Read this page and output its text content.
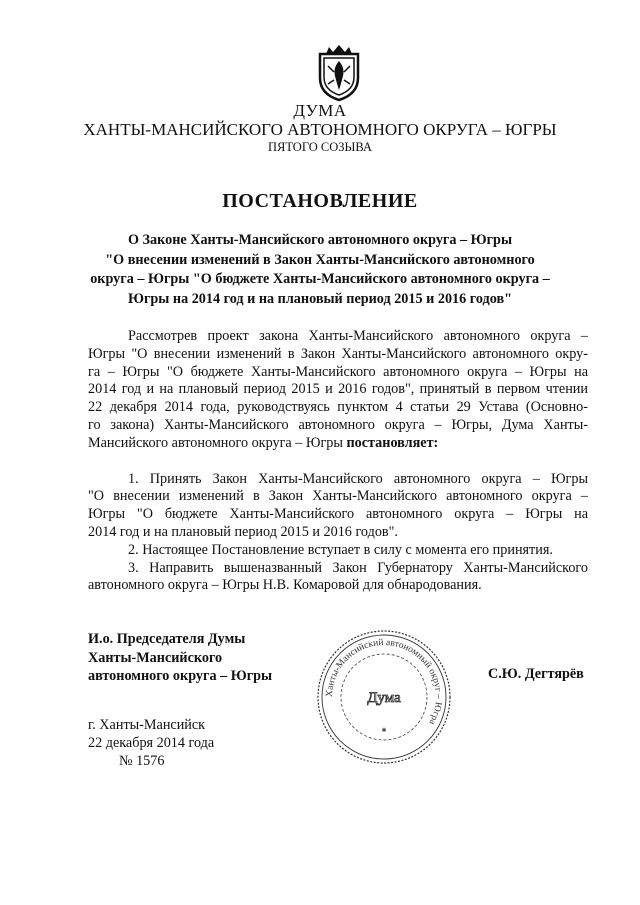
ДУМА
ХАНТЫ-МАНСИЙСКОГО АВТОНОМНОГО ОКРУГА – ЮГРЫ
ПЯТОГО СОЗЫВА
ПОСТАНОВЛЕНИЕ
О Законе Ханты-Мансийского автономного округа – Югры
"О внесении изменений в Закон Ханты-Мансийского автономного
округа – Югры "О бюджете Ханты-Мансийского автономного округа –
Югры на 2014 год и на плановый период 2015 и 2016 годов"
Рассмотрев проект закона Ханты-Мансийского автономного округа –
Югры "О внесении изменений в Закон Ханты-Мансийского автономного окру-
га – Югры "О бюджете Ханты-Мансийского автономного округа – Югры на
2014 год и на плановый период 2015 и 2016 годов", принятый в первом чтении
22 декабря 2014 года, руководствуясь пунктом 4 статьи 29 Устава (Основно-
го закона) Ханты-Мансийского автономного округа – Югры, Дума Ханты-
Мансийского автономного округа – Югры постановляет:
1. Принять Закон Ханты-Мансийского автономного округа – Югры
"О внесении изменений в Закон Ханты-Мансийского автономного округа –
Югры "О бюджете Ханты-Мансийского автономного округа – Югры на
2014 год и на плановый период 2015 и 2016 годов".
2. Настоящее Постановление вступает в силу с момента его принятия.
3. Направить вышеназванный Закон Губернатору Ханты-Мансийского
автономного округа – Югры Н.В. Комаровой для обнародования.
И.о. Председателя Думы
Ханты-Мансийского
автономного округа – Югры
Ханты-Мансийский автономный округ – Югра
Дума
✱
С.Ю. Дегтярёв
г. Ханты-Мансийск
22 декабря 2014 года
№ 1576
